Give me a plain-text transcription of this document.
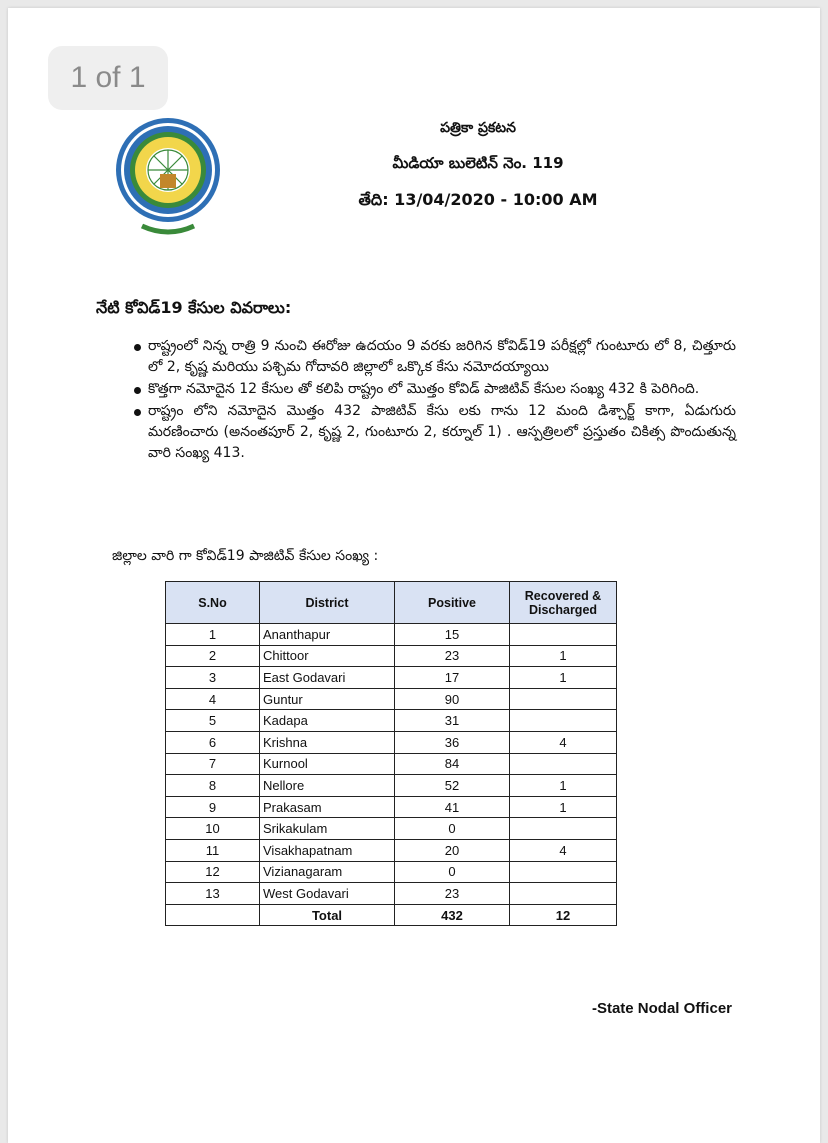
1 of 1
పత్రికా ప్రకటన
మీడియా బులెటిన్ నెం. 119
తేది: 13/04/2020 - 10:00 AM
నేటి కోవిడ్19 కేసుల వివరాలు:
రాష్ట్రంలో నిన్న రాత్రి 9 నుంచి ఈరోజు ఉదయం 9 వరకు జరిగిన కోవిడ్19 పరీక్షల్లో గుంటూరు లో 8, చిత్తూరు లో 2, కృష్ణ మరియు పశ్చిమ గోదావరి జిల్లాలో ఒక్కొక కేసు నమోదయ్యాయి
కొత్తగా నమోదైన 12 కేసుల తో కలిపి రాష్ట్రం లో మొత్తం కోవిడ్ పాజిటివ్ కేసుల సంఖ్య 432 కి పెరిగింది.
రాష్ట్రం లోని నమోదైన మొత్తం 432 పాజిటివ్ కేసు లకు గాను 12 మంది డిశ్చార్జ్ కాగా, ఏడుగురు మరణించారు (అనంతపూర్ 2, కృష్ణ 2, గుంటూరు 2, కర్నూల్ 1) . ఆస్పత్రిలలో ప్రస్తుతం చికిత్స పొందుతున్న వారి సంఖ్య 413.
జిల్లాల వారి గా కోవిడ్19 పాజిటివ్ కేసుల సంఖ్య :
S.No	District	Positive	Recovered & Discharged
1	Ananthapur	15	
2	Chittoor	23	1
3	East Godavari	17	1
4	Guntur	90	
5	Kadapa	31	
6	Krishna	36	4
7	Kurnool	84	
8	Nellore	52	1
9	Prakasam	41	1
10	Srikakulam	0	
11	Visakhapatnam	20	4
12	Vizianagaram	0	
13	West Godavari	23	
	Total	432	12
-State Nodal Officer
